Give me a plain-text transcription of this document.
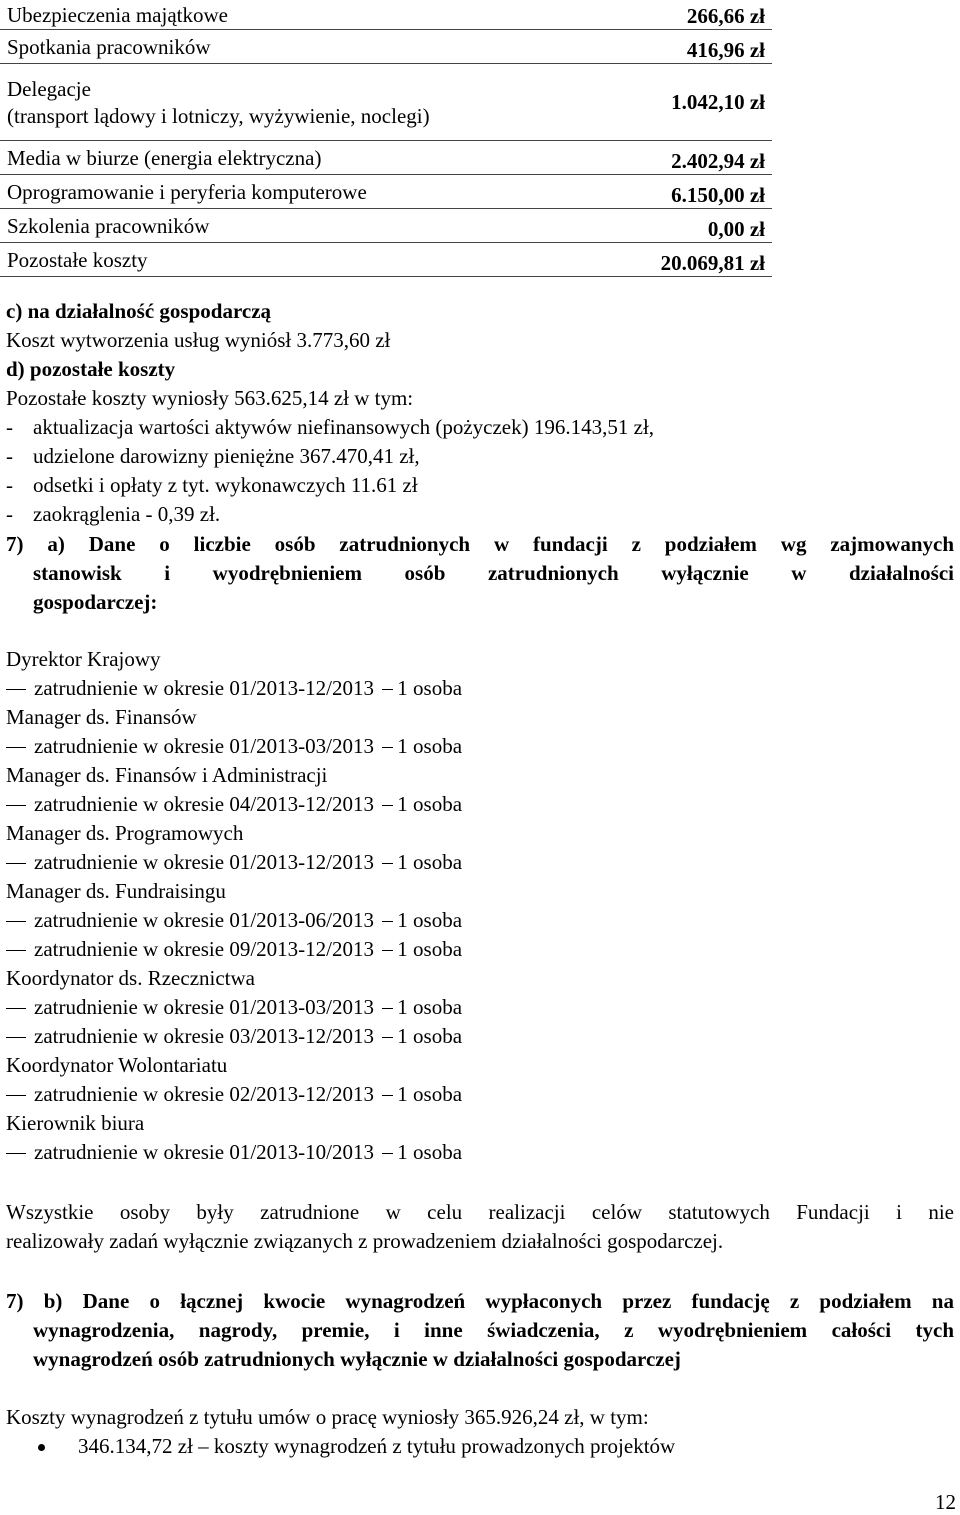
Ubezpieczenia majątkowe	266,66 zł
Spotkania pracowników	416,96 zł

Delegacje
(transport lądowy i lotniczy, wyżywienie, noclegi)	1.042,10 zł
Media w biurze (energia elektryczna)	2.402,94 zł
Oprogramowanie i peryferia komputerowe	6.150,00 zł
Szkolenia pracowników	0,00 zł
Pozostałe koszty	20.069,81 zł
c) na działalność gospodarczą
Koszt wytworzenia usług wyniósł 3.773,60 zł
d) pozostałe koszty
Pozostałe koszty wyniosły 563.625,14 zł w tym:
- aktualizacja wartości aktywów niefinansowych (pożyczek) 196.143,51 zł,
- udzielone darowizny pieniężne 367.470,41 zł,
- odsetki i opłaty z tyt. wykonawczych 11.61 zł
- zaokrąglenia - 0,39 zł.
7) a) Dane o liczbie osób zatrudnionych w fundacji z podziałem wg zajmowanych
stanowisk i wyodrębnieniem osób zatrudnionych wyłącznie w działalności
gospodarczej:
Dyrektor Krajowy
zatrudnienie w okresie 01/2013-12/2013 1 osoba
Manager ds. Finansów
zatrudnienie w okresie 01/2013-03/2013 1 osoba
Manager ds. Finansów i Administracji
zatrudnienie w okresie 04/2013-12/2013 1 osoba
Manager ds. Programowych
zatrudnienie w okresie 01/2013-12/2013 1 osoba
Manager ds. Fundraisingu
zatrudnienie w okresie 01/2013-06/2013 1 osoba
zatrudnienie w okresie 09/2013-12/2013 1 osoba
Koordynator ds. Rzecznictwa
zatrudnienie w okresie 01/2013-03/2013 1 osoba
zatrudnienie w okresie 03/2013-12/2013 1 osoba
Koordynator Wolontariatu
zatrudnienie w okresie 02/2013-12/2013 1 osoba
Kierownik biura
zatrudnienie w okresie 01/2013-10/2013 1 osoba
Wszystkie osoby były zatrudnione w celu realizacji celów statutowych Fundacji i nie
realizowały zadań wyłącznie związanych z prowadzeniem działalności gospodarczej.
7) b) Dane o łącznej kwocie wynagrodzeń wypłaconych przez fundację z podziałem na
wynagrodzenia, nagrody, premie, i inne świadczenia, z wyodrębnieniem całości tych
wynagrodzeń osób zatrudnionych wyłącznie w działalności gospodarczej
Koszty wynagrodzeń z tytułu umów o pracę wyniosły 365.926,24 zł, w tym:
346.134,72 zł – koszty wynagrodzeń z tytułu prowadzonych projektów
12
